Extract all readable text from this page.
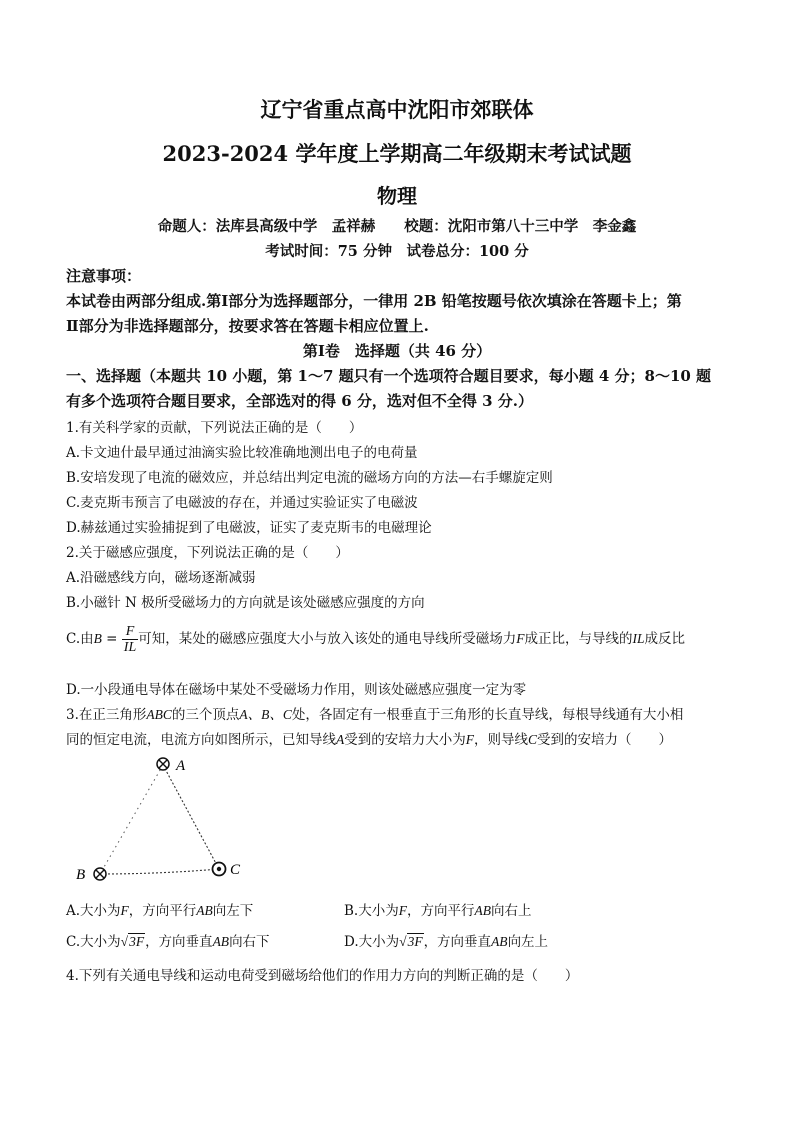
辽宁省重点高中沈阳市郊联体
2023-2024 学年度上学期高二年级期末考试试题
物理
命题人：法库县高级中学　孟祥赫　　校题：沈阳市第八十三中学　李金鑫
考试时间：75 分钟　试卷总分：100 分
注意事项：
本试卷由两部分组成.第Ⅰ部分为选择题部分，一律用 2B 铅笔按题号依次填涂在答题卡上；第
Ⅱ部分为非选择题部分，按要求答在答题卡相应位置上.
第Ⅰ卷　选择题（共 46 分）
一、选择题（本题共 10 小题，第 1～7 题只有一个选项符合题目要求，每小题 4 分；8～10 题
有多个选项符合题目要求，全部选对的得 6 分，选对但不全得 3 分.）
1.有关科学家的贡献，下列说法正确的是（　　）
A.卡文迪什最早通过油滴实验比较准确地测出电子的电荷量
B.安培发现了电流的磁效应，并总结出判定电流的磁场方向的方法—右手螺旋定则
C.麦克斯韦预言了电磁波的存在，并通过实验证实了电磁波
D.赫兹通过实验捕捉到了电磁波，证实了麦克斯韦的电磁理论
2.关于磁感应强度，下列说法正确的是（　　）
A.沿磁感线方向，磁场逐渐减弱
B.小磁针 N 极所受磁场力的方向就是该处磁感应强度的方向
C.由$B = \frac{F}{IL}$ 可知，某处的磁感应强度大小与放入该处的通电导线所受磁场力F成正比，与导线的IL成反比
D.一小段通电导体在磁场中某处不受磁场力作用，则该处磁感应强度一定为零
3.在正三角形ABC的三个顶点A、B、C处，各固定有一根垂直于三角形的长直导线，每根导线通有大小相
同的恒定电流，电流方向如图所示，已知导线A受到的安培力大小为F，则导线C受到的安培力（　　）
A
B	C
A.大小为F，方向平行AB向左下	B.大小为F，方向平行AB向右上
C.大小为√3F，方向垂直AB向右下	D.大小为√3F，方向垂直AB向左上
4.下列有关通电导线和运动电荷受到磁场给他们的作用力方向的判断正确的是（　　）
